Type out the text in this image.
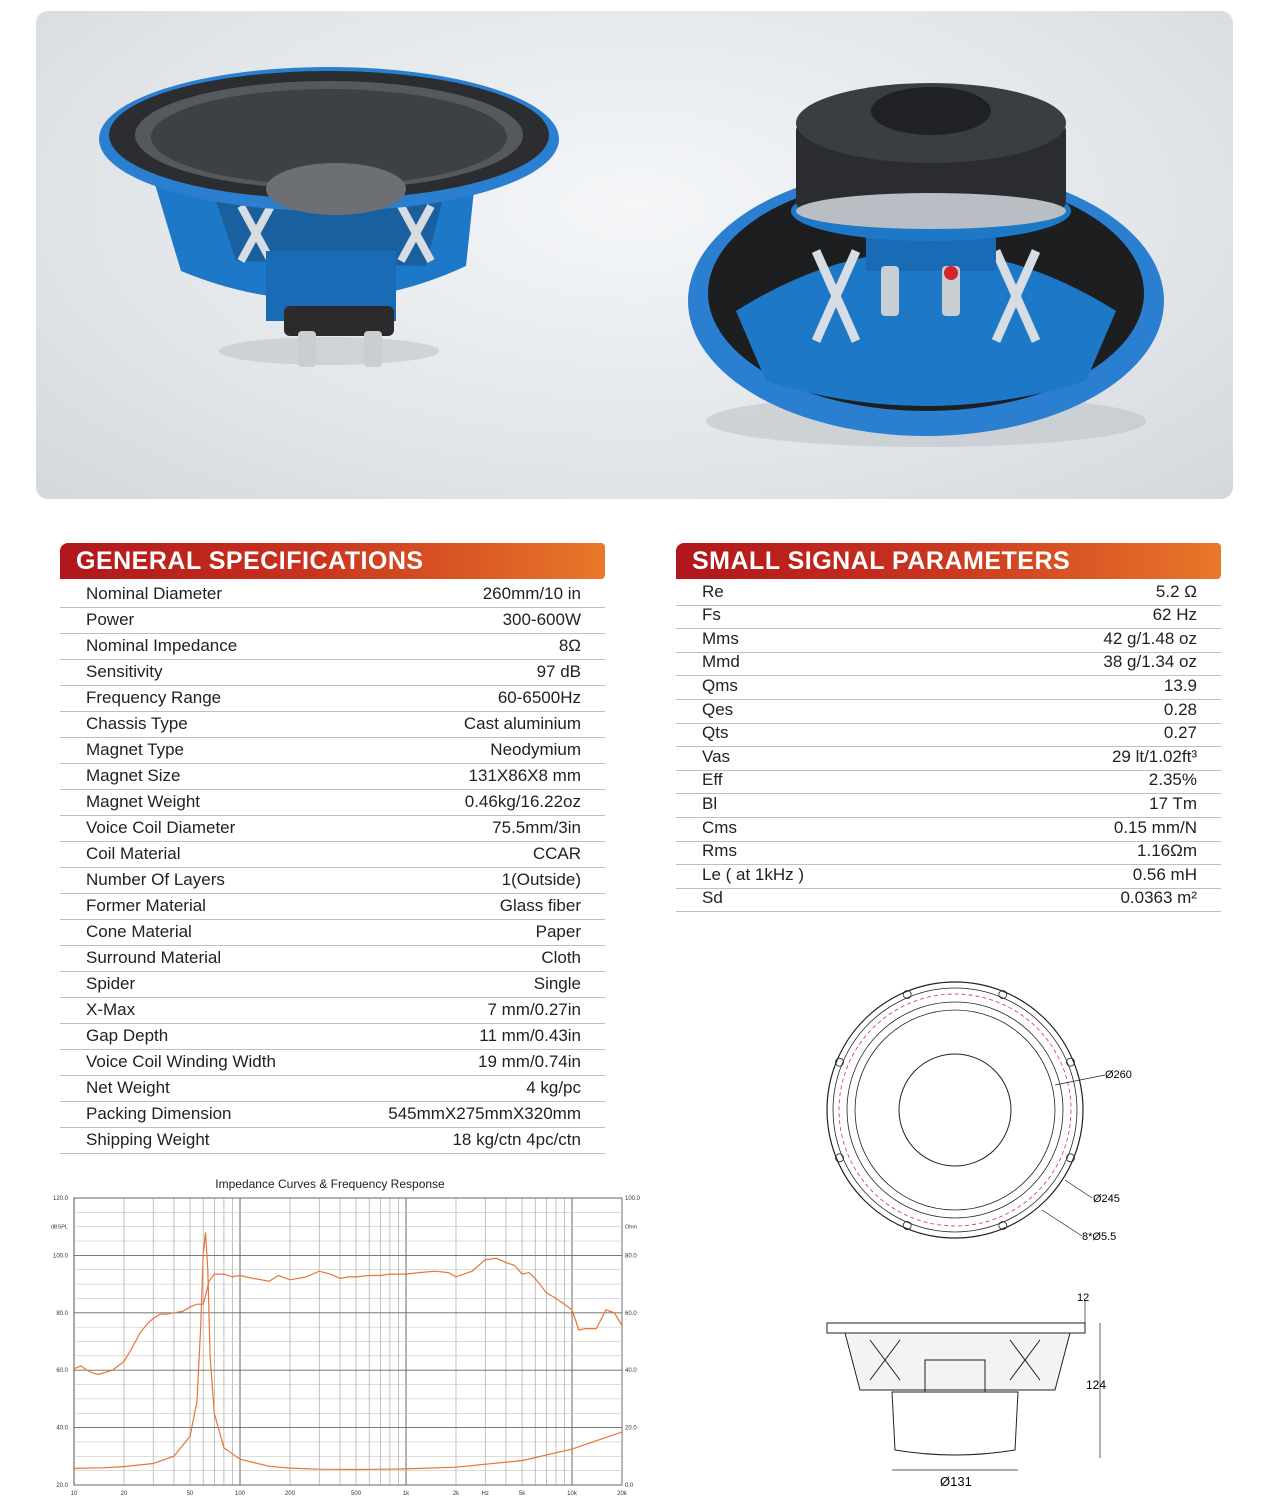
GENERAL SPECIFICATIONS
Nominal Diameter	260mm/10 in
Power	300-600W
Nominal Impedance	8Ω
Sensitivity	97 dB
Frequency Range	60-6500Hz
Chassis Type	Cast aluminium
Magnet Type	Neodymium
Magnet Size	131X86X8 mm
Magnet Weight	0.46kg/16.22oz
Voice Coil Diameter	75.5mm/3in
Coil Material	CCAR
Number Of Layers	1(Outside)
Former Material	Glass fiber
Cone Material	Paper
Surround Material	Cloth
Spider	Single
X-Max	7 mm/0.27in
Gap Depth	11 mm/0.43in
Voice Coil Winding Width	19 mm/0.74in
Net Weight	4 kg/pc
Packing Dimension	545mmX275mmX320mm
Shipping Weight	18 kg/ctn 4pc/ctn
SMALL SIGNAL PARAMETERS
Re	5.2 Ω
Fs	62 Hz
Mms	42 g/1.48 oz
Mmd	38 g/1.34 oz
Qms	13.9
Qes	0.28
Qts	0.27
Vas	29 lt/1.02ft³
Eff	2.35%
Bl	17 Tm
Cms	0.15 mm/N
Rms	1.16Ωm
Le ( at 1kHz )	0.56 mH
Sd	0.0363 m²
Ø260
Ø245
8*Ø5.5
12
124
Ø131
Impedance Curves & Frequency Response
10	20	50	100	200	500	1k	2k	5k	10k	20k
Hz
20.0
40.0
60.0
80.0
100.0
120.0
dBSPL
0.0
20.0
40.0
60.0
80.0
100.0
Ohm
